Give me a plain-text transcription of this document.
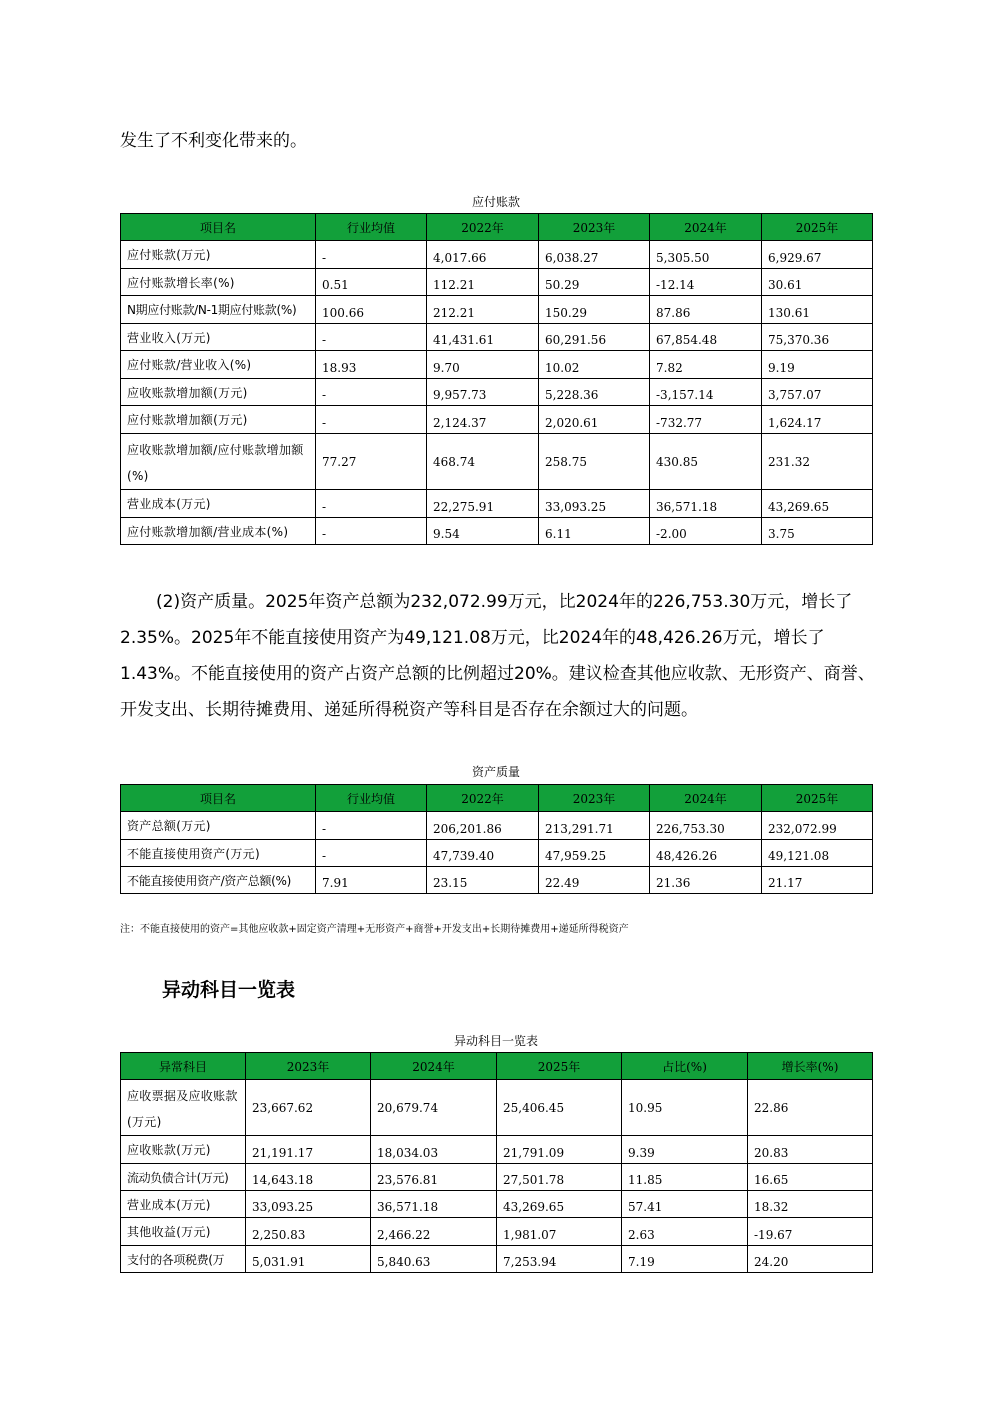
发生了不利变化带来的。

应付账款
项目名	行业均值	2022年	2023年	2024年	2025年
应付账款(万元)	-	4,017.66	6,038.27	5,305.50	6,929.67
应付账款增长率(%)	0.51	112.21	50.29	-12.14	30.61
N期应付账款/N-1期应付账款(%)	100.66	212.21	150.29	87.86	130.61
营业收入(万元)	-	41,431.61	60,291.56	67,854.48	75,370.36
应付账款/营业收入(%)	18.93	9.70	10.02	7.82	9.19
应收账款增加额(万元)	-	9,957.73	5,228.36	-3,157.14	3,757.07
应付账款增加额(万元)	-	2,124.37	2,020.61	-732.77	1,624.17
应收账款增加额/应付账款增加额(%)	77.27	468.74	258.75	430.85	231.32
营业成本(万元)	-	22,275.91	33,093.25	36,571.18	43,269.65
应付账款增加额/营业成本(%)	-	9.54	6.11	-2.00	3.75

(2)资产质量。2025年资产总额为232,072.99万元，比2024年的226,753.30万元，增长了2.35%。2025年不能直接使用资产为49,121.08万元，比2024年的48,426.26万元，增长了1.43%。不能直接使用的资产占资产总额的比例超过20%。建议检查其他应收款、无形资产、商誉、开发支出、长期待摊费用、递延所得税资产等科目是否存在余额过大的问题。

资产质量
项目名	行业均值	2022年	2023年	2024年	2025年
资产总额(万元)	-	206,201.86	213,291.71	226,753.30	232,072.99
不能直接使用资产(万元)	-	47,739.40	47,959.25	48,426.26	49,121.08
不能直接使用资产/资产总额(%)	7.91	23.15	22.49	21.36	21.17
注：不能直接使用的资产=其他应收款+固定资产清理+无形资产+商誉+开发支出+长期待摊费用+递延所得税资产
异动科目一览表
异动科目一览表
异常科目	2023年	2024年	2025年	占比(%)	增长率(%)
应收票据及应收账款(万元)	23,667.62	20,679.74	25,406.45	10.95	22.86
应收账款(万元)	21,191.17	18,034.03	21,791.09	9.39	20.83
流动负债合计(万元)	14,643.18	23,576.81	27,501.78	11.85	16.65
营业成本(万元)	33,093.25	36,571.18	43,269.65	57.41	18.32
其他收益(万元)	2,250.83	2,466.22	1,981.07	2.63	-19.67
支付的各项税费(万	5,031.91	5,840.63	7,253.94	7.19	24.20
